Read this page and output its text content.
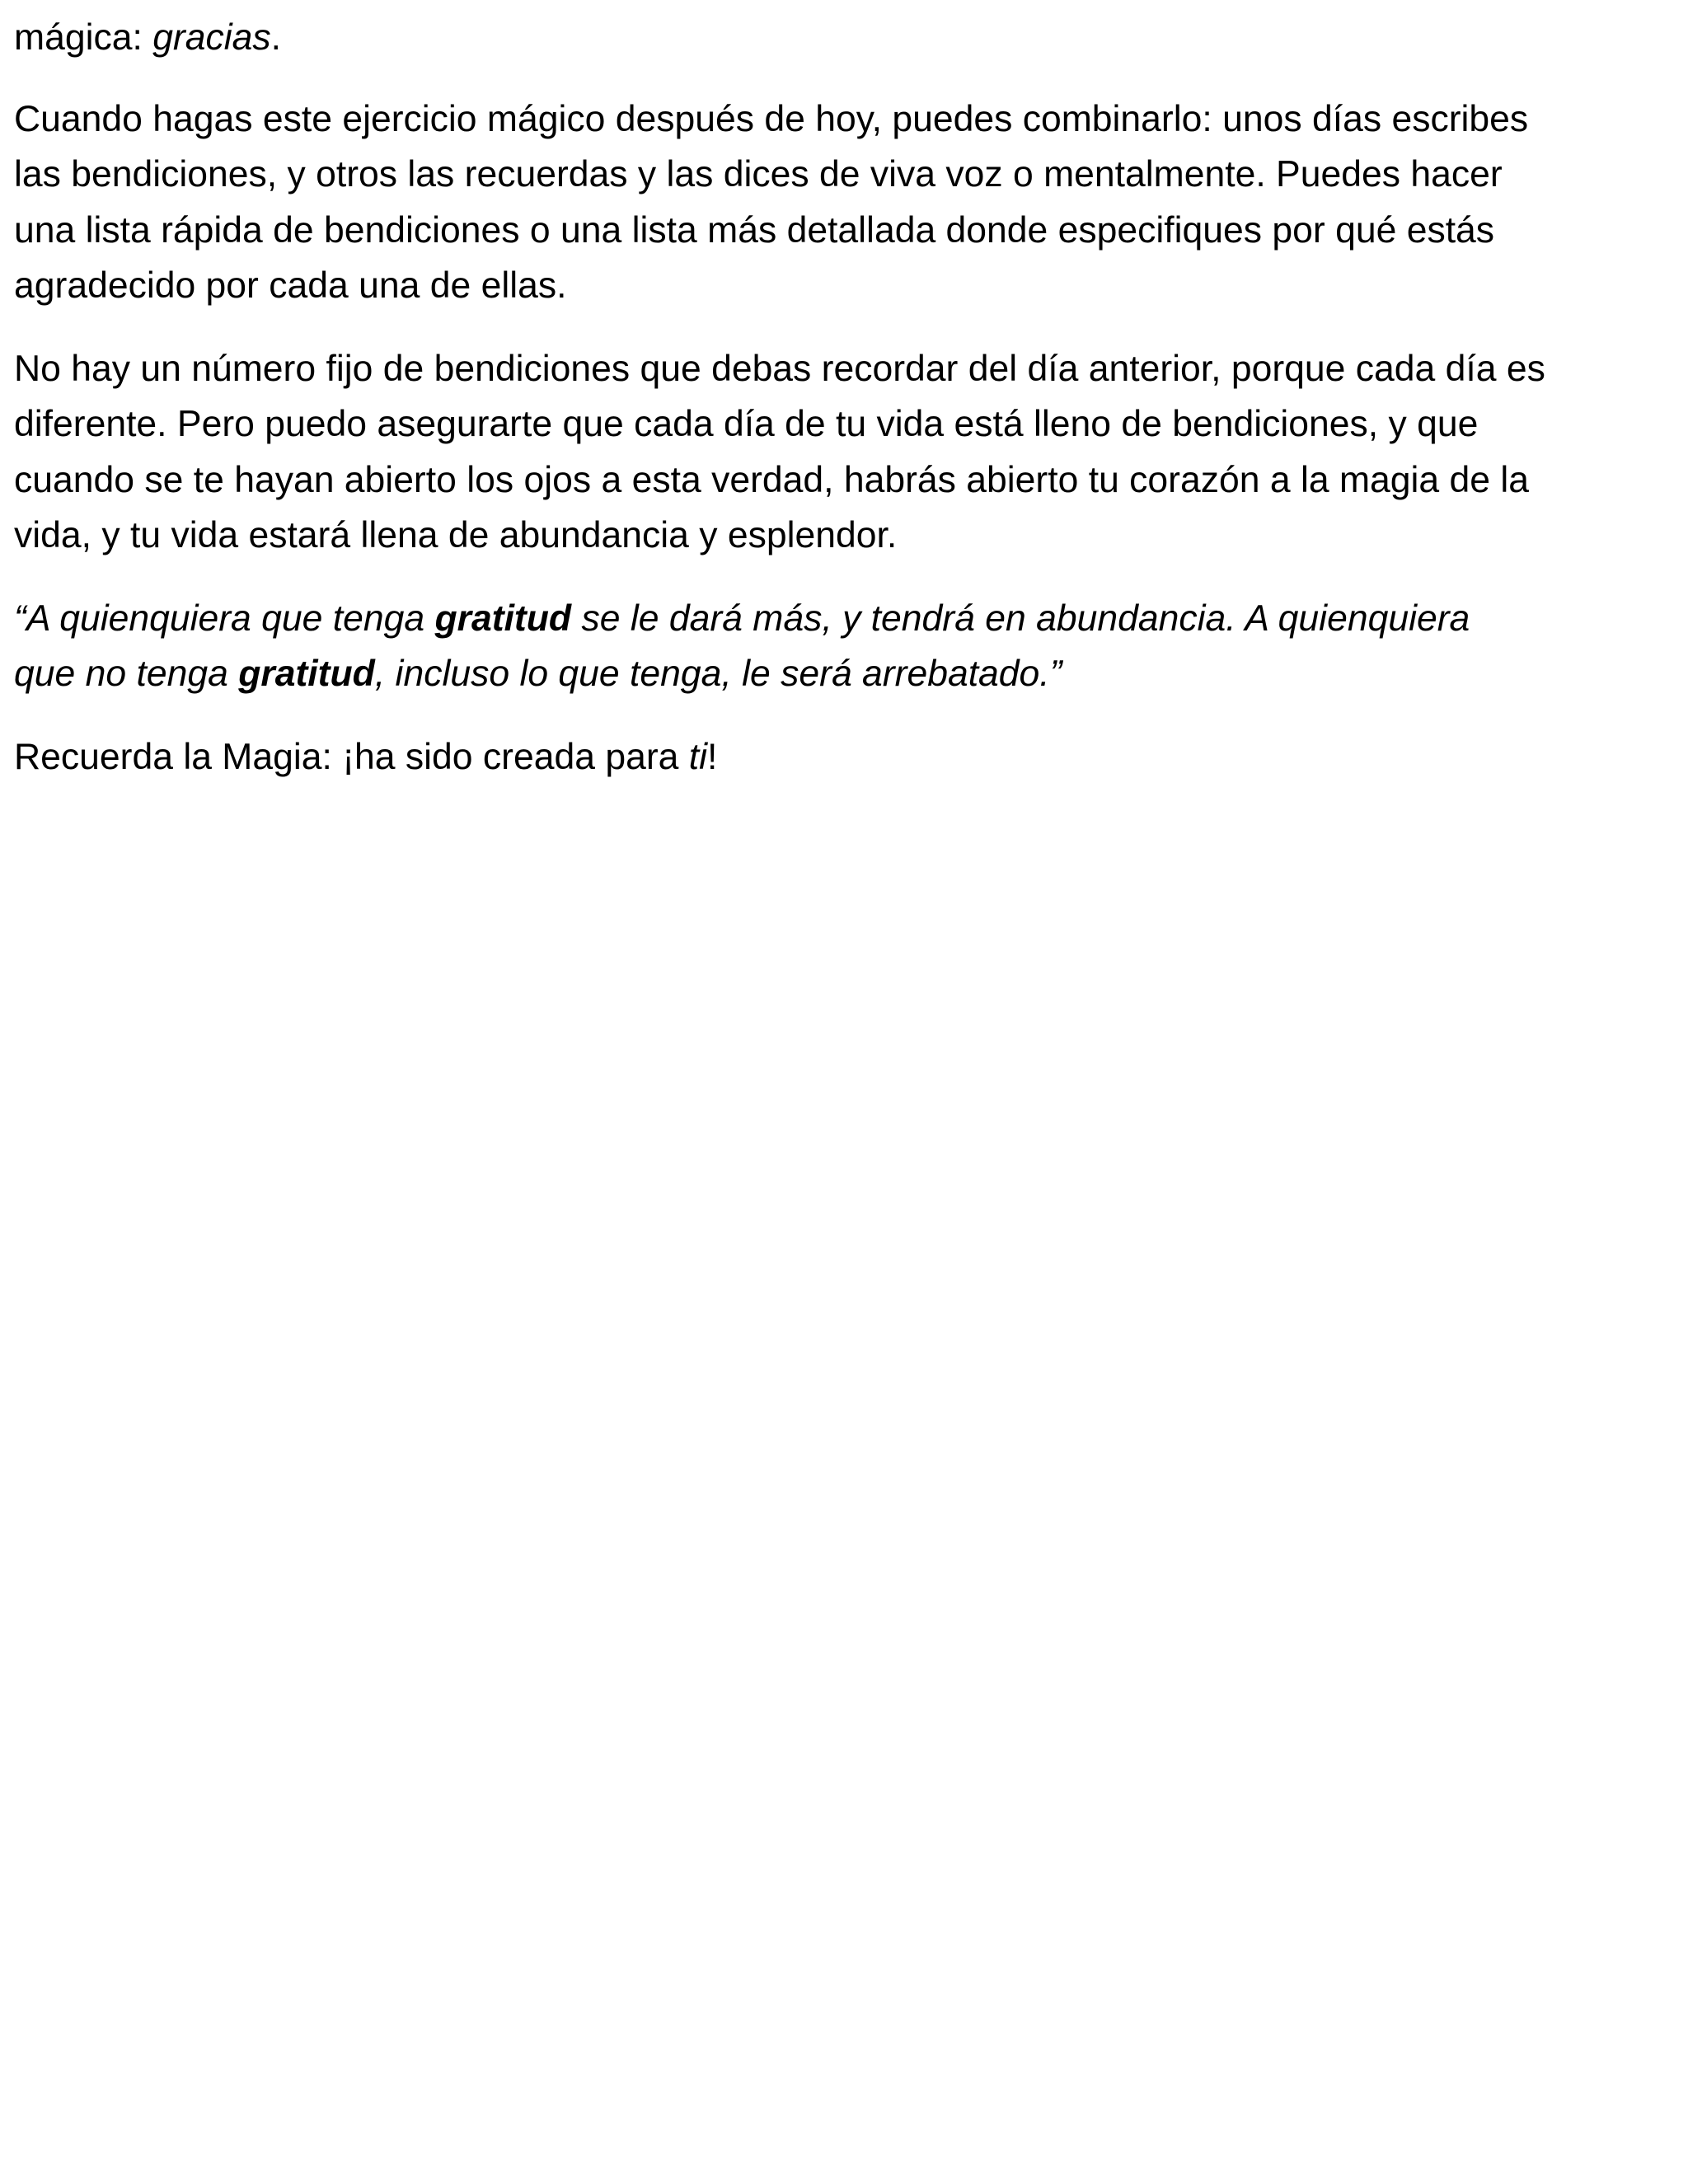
mágica: gracias.

Cuando hagas este ejercicio mágico después de hoy, puedes combinarlo: unos días escribes
las bendiciones, y otros las recuerdas y las dices de viva voz o mentalmente. Puedes hacer
una lista rápida de bendiciones o una lista más detallada donde especifiques por qué estás
agradecido por cada una de ellas.

No hay un número fijo de bendiciones que debas recordar del día anterior, porque cada día es
diferente. Pero puedo asegurarte que cada día de tu vida está lleno de bendiciones, y que
cuando se te hayan abierto los ojos a esta verdad, habrás abierto tu corazón a la magia de la
vida, y tu vida estará llena de abundancia y esplendor.

“A quienquiera que tenga gratitud se le dará más, y tendrá en abundancia. A quienquiera
que no tenga gratitud, incluso lo que tenga, le será arrebatado.”

Recuerda la Magia: ¡ha sido creada para ti!
